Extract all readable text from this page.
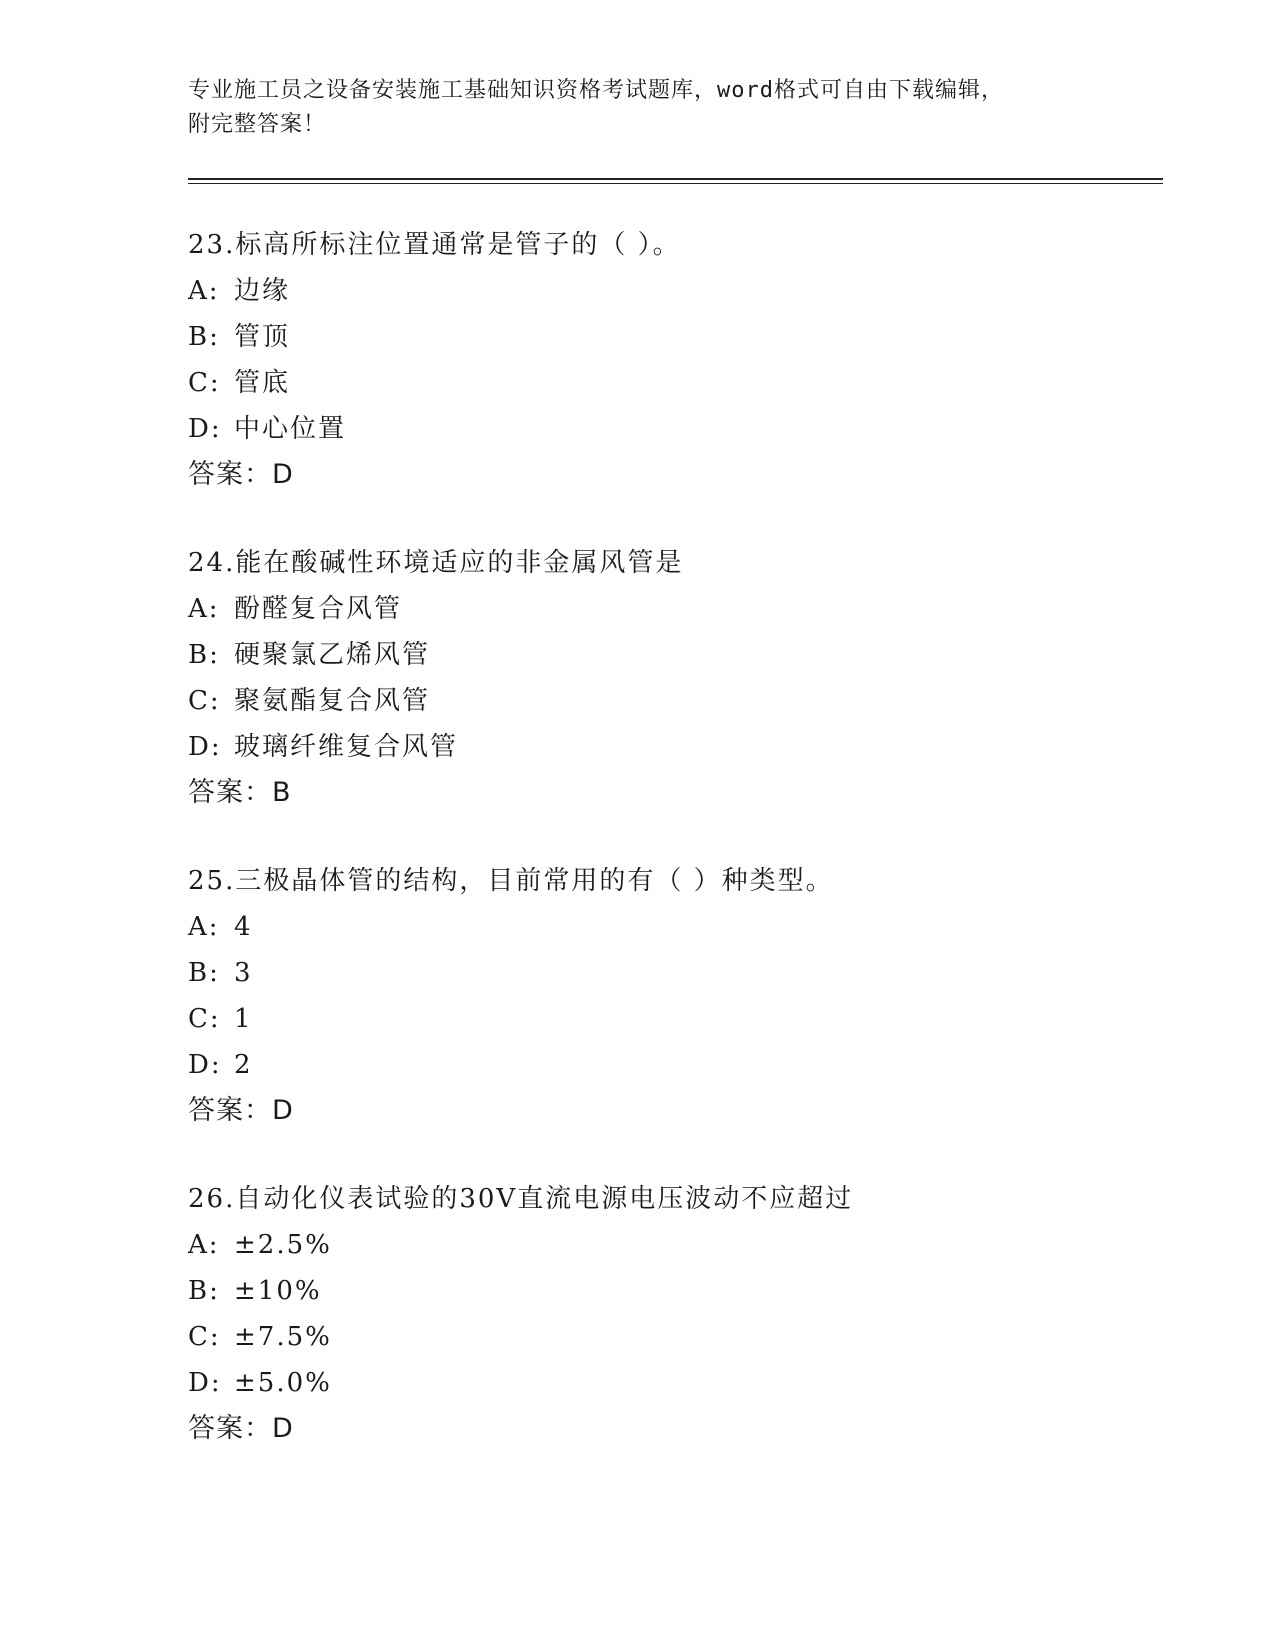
专业施工员之设备安装施工基础知识资格考试题库，word格式可自由下载编辑，
附完整答案！
23.标高所标注位置通常是管子的（ ）。
A: 边缘
B: 管顶
C: 管底
D: 中心位置
答案：D
24.能在酸碱性环境适应的非金属风管是
A: 酚醛复合风管
B: 硬聚氯乙烯风管
C: 聚氨酯复合风管
D: 玻璃纤维复合风管
答案：B
25.三极晶体管的结构，目前常用的有（ ）种类型。
A: 4
B: 3
C: 1
D: 2
答案：D
26.自动化仪表试验的30V直流电源电压波动不应超过
A: ±2.5%
B: ±10%
C: ±7.5%
D: ±5.0%
答案：D
